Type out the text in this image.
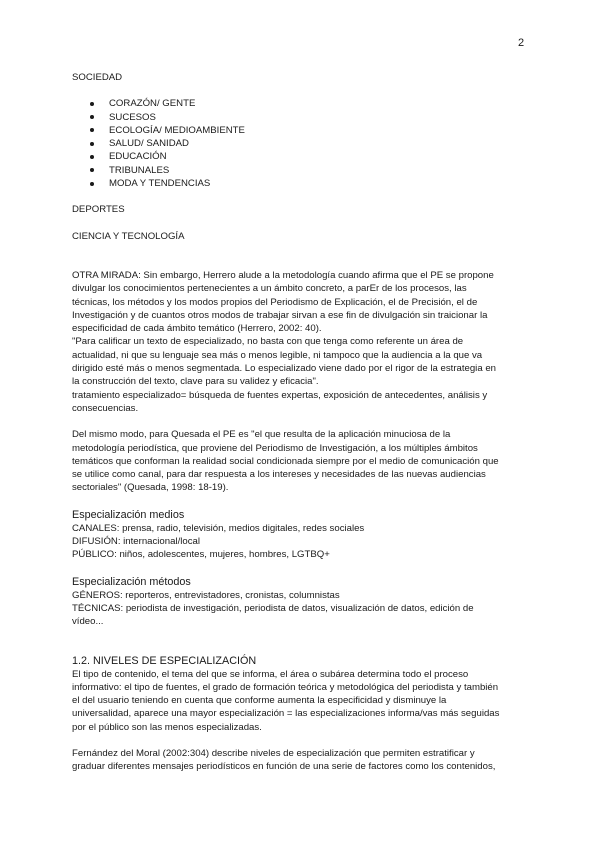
2

SOCIEDAD

CORAZÓN/ GENTE
SUCESOS
ECOLOGÍA/ MEDIOAMBIENTE
SALUD/ SANIDAD
EDUCACIÓN
TRIBUNALES
MODA Y TENDENCIAS

DEPORTES

CIENCIA Y TECNOLOGÍA

OTRA MIRADA: Sin embargo, Herrero alude a la metodología cuando afirma que el PE se propone

divulgar los conocimientos pertenecientes a un ámbito concreto, a parEr de los procesos, las

técnicas, los métodos y los modos propios del Periodismo de Explicación, el de Precisión, el de

Investigación y de cuantos otros modos de trabajar sirvan a ese fin de divulgación sin traicionar la

especificidad de cada ámbito temático (Herrero, 2002: 40).

"Para calificar un texto de especializado, no basta con que tenga como referente un área de

actualidad, ni que su lenguaje sea más o menos legible, ni tampoco que la audiencia a la que va

dirigido esté más o menos segmentada. Lo especializado viene dado por el rigor de la estrategia en

la construcción del texto, clave para su validez y eficacia".

tratamiento especializado= búsqueda de fuentes expertas, exposición de antecedentes, análisis y

consecuencias.

Del mismo modo, para Quesada el PE es "el que resulta de la aplicación minuciosa de la

metodología periodística, que proviene del Periodismo de Investigación, a los múltiples ámbitos

temáticos que conforman la realidad social condicionada siempre por el medio de comunicación que

se utilice como canal, para dar respuesta a los intereses y necesidades de las nuevas audiencias

sectoriales" (Quesada, 1998: 18-19).

Especialización medios

CANALES: prensa, radio, televisión, medios digitales, redes sociales

DIFUSIÓN: internacional/local

PÚBLICO: niños, adolescentes, mujeres, hombres, LGTBQ+

Especialización métodos

GÉNEROS: reporteros, entrevistadores, cronistas, columnistas

TÉCNICAS: periodista de investigación, periodista de datos, visualización de datos, edición de

vídeo...

1.2. NIVELES DE ESPECIALIZACIÓN

El tipo de contenido, el tema del que se informa, el área o subárea determina todo el proceso

informativo: el tipo de fuentes, el grado de formación teórica y metodológica del periodista y también

el del usuario teniendo en cuenta que conforme aumenta la especificidad y disminuye la

universalidad, aparece una mayor especialización = las especializaciones informa/vas más seguidas

por el público son las menos especializadas.

Fernández del Moral (2002:304) describe niveles de especialización que permiten estratificar y

graduar diferentes mensajes periodísticos en función de una serie de factores como los contenidos,
